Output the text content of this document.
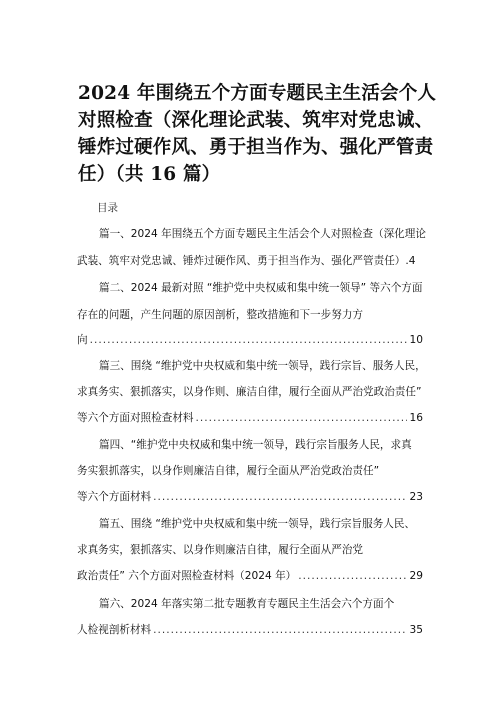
2024 年围绕五个方面专题民主生活会个人
对照检查（深化理论武装、筑牢对党忠诚、
锤炸过硬作风、勇于担当作为、强化严管责
任）（共 16 篇）
目录
篇一、2024 年围绕五个方面专题民主生活会个人对照检查（深化理论
武装、筑牢对党忠诚、锤炸过硬作风、勇于担当作为、强化严管责任）.4
篇二、2024 最新对照 “维护党中央权威和集中统一领导” 等六个方面
存在的问题，产生问题的原因剖析，整改措施和下一步努力方
向 .....	10
篇三、围绕 “维护党中央权威和集中统一领导，践行宗旨、服务人民，
求真务实、狠抓落实，以身作则、廉洁自律，履行全面从严治党政治责任”
等六个方面对照检查材料 .....	16
篇四、“维护党中央权威和集中统一领导，践行宗旨服务人民，求真
务实狠抓落实，以身作则廉洁自律，履行全面从严治党政治责任”
等六个方面材料 .....	23
篇五、围绕 “维护党中央权威和集中统一领导，践行宗旨服务人民、
求真务实，狠抓落实、以身作则廉洁自律，履行全面从严治党
政治责任” 六个方面对照检查材料（2024 年） .....	29
篇六、2024 年落实第二批专题教育专题民主生活会六个方面个
人检视剖析材料 .....	35
